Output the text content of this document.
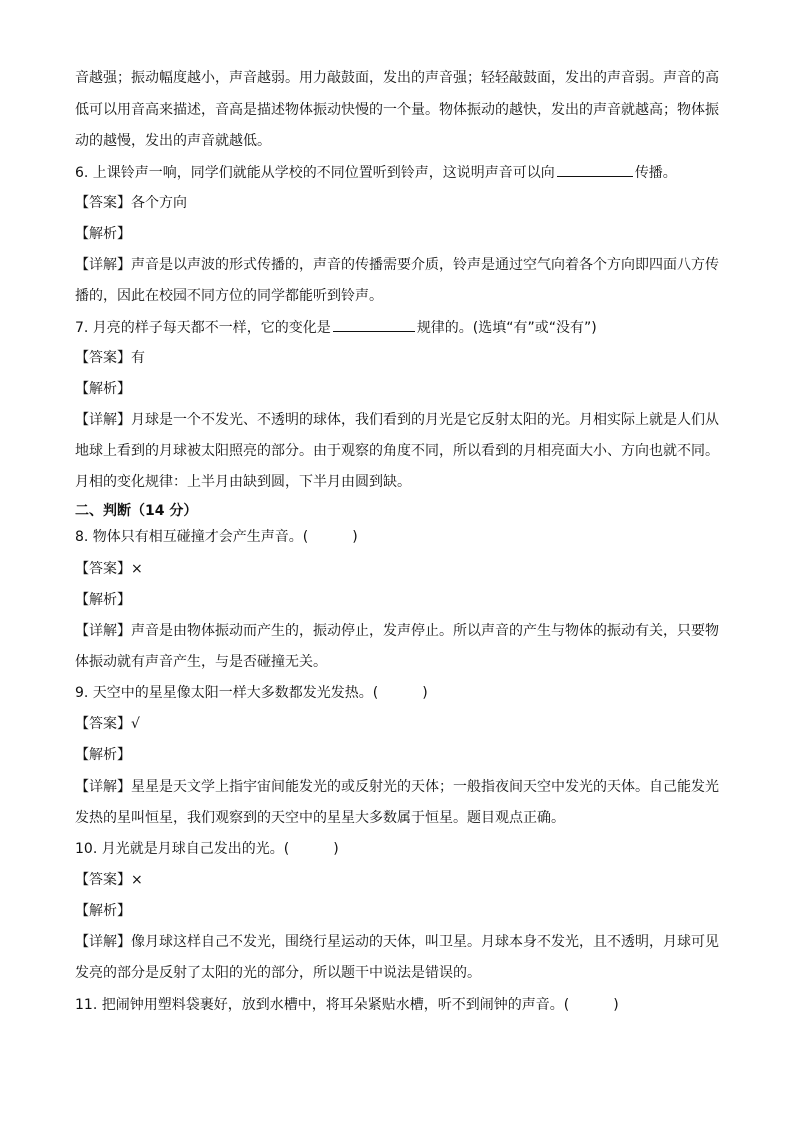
音越强；振动幅度越小，声音越弱。用力敲鼓面，发出的声音强；轻轻敲鼓面，发出的声音弱。声音的高
低可以用音高来描述，音高是描述物体振动快慢的一个量。物体振动的越快，发出的声音就越高；物体振
动的越慢，发出的声音就越低。
6. 上课铃声一响，同学们就能从学校的不同位置听到铃声，这说明声音可以向	传播。
【答案】各个方向
【解析】
【详解】声音是以声波的形式传播的，声音的传播需要介质，铃声是通过空气向着各个方向即四面八方传
播的，因此在校园不同方位的同学都能听到铃声。
7. 月亮的样子每天都不一样，它的变化是	规律的。(选填“有”或“没有”)
【答案】有
【解析】
【详解】月球是一个不发光、不透明的球体，我们看到的月光是它反射太阳的光。月相实际上就是人们从
地球上看到的月球被太阳照亮的部分。由于观察的角度不同，所以看到的月相亮面大小、方向也就不同。
月相的变化规律：上半月由缺到圆，下半月由圆到缺。
二、判断（14 分）
8. 物体只有相互碰撞才会产生声音。(	)
【答案】×
【解析】
【详解】声音是由物体振动而产生的，振动停止，发声停止。所以声音的产生与物体的振动有关，只要物
体振动就有声音产生，与是否碰撞无关。
9. 天空中的星星像太阳一样大多数都发光发热。(	)
【答案】√
【解析】
【详解】星星是天文学上指宇宙间能发光的或反射光的天体；一般指夜间天空中发光的天体。自己能发光
发热的星叫恒星，我们观察到的天空中的星星大多数属于恒星。题目观点正确。
10. 月光就是月球自己发出的光。(	)
【答案】×
【解析】
【详解】像月球这样自己不发光，围绕行星运动的天体，叫卫星。月球本身不发光，且不透明，月球可见
发亮的部分是反射了太阳的光的部分，所以题干中说法是错误的。
11. 把闹钟用塑料袋裹好，放到水槽中，将耳朵紧贴水槽，听不到闹钟的声音。(	)
